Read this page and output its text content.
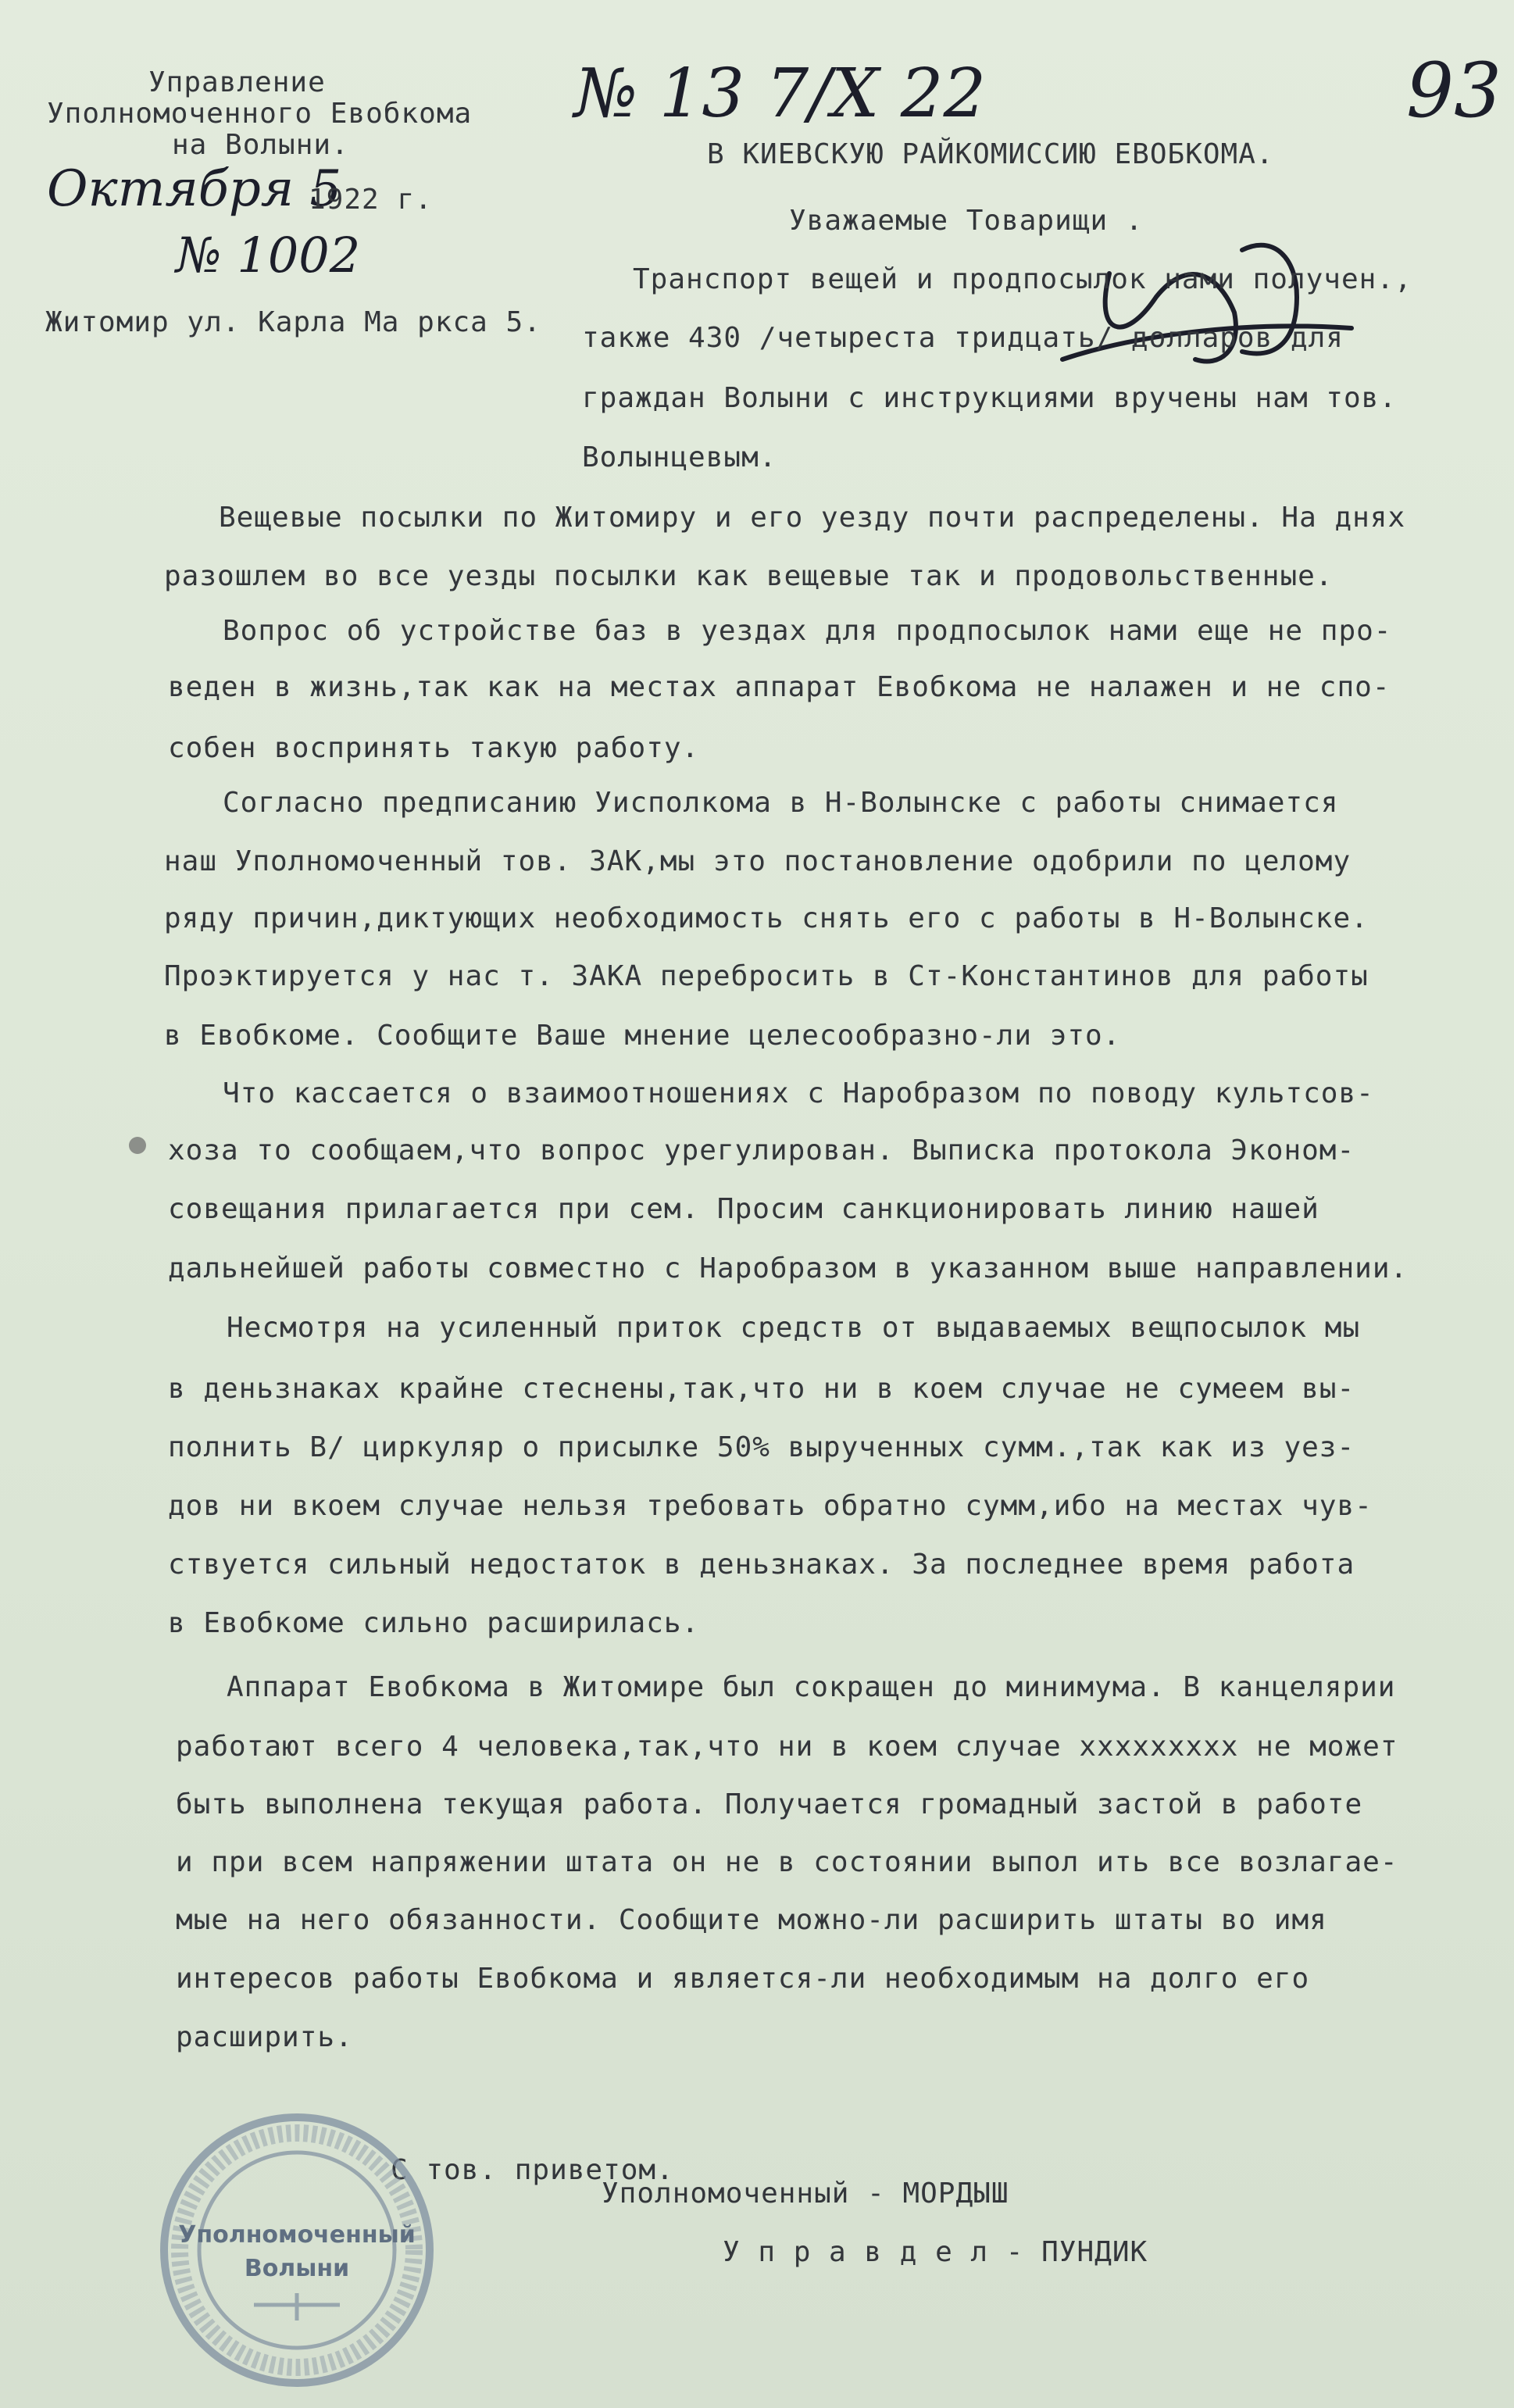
Управление
Уполномоченного Евобкома
на Волыни.
Октября 5
1922 г.
№ 1002
Житомир ул. Карла Ма ркса 5.
№ 13 7/X 22	93
В КИЕВСКУЮ РАЙКОМИССИЮ ЕВОБКОМА.
Уважаемые Товарищи .
Транспорт вещей и продпосылок нами получен.,
также 430 /четыреста тридцать/ долларов для
граждан Волыни с инструкциями вручены нам тов.
Волынцевым.
Вещевые посылки по Житомиру и его уезду почти распределены. На днях
разошлем во все уезды посылки как вещевые так и продовольственные.
Вопрос об устройстве баз в уездах для продпосылок нами еще не про-
веден в жизнь,так как на местах аппарат Евобкома не налажен и не спо-
собен воспринять такую работу.
Согласно предписанию Уисполкома в Н-Волынске с работы снимается
наш Уполномоченный тов. ЗАК,мы это постановление одобрили по целому
ряду причин,диктующих необходимость снять его с работы в Н-Волынске.
Проэктируется у нас т. ЗАКА перебросить в Ст-Константинов для работы
в Евобкоме. Сообщите Ваше мнение целесообразно-ли это.
Что кассается о взаимоотношениях с Наробразом по поводу культсов-
хоза то сообщаем,что вопрос урегулирован. Выписка протокола Эконом-
совещания прилагается при сем. Просим санкционировать линию нашей
дальнейшей работы совместно с Наробразом в указанном выше направлении.
Несмотря на усиленный приток средств от выдаваемых вещпосылок мы
в деньзнаках крайне стеснены,так,что ни в коем случае не сумеем вы-
полнить В/ циркуляр о присылке 50% вырученных сумм.,так как из уез-
дов ни вкоем случае нельзя требовать обратно сумм,ибо на местах чув-
ствуется сильный недостаток в деньзнаках. За последнее время работа
в Евобкоме сильно расширилась.
Аппарат Евобкома в Житомире был сокращен до минимума. В канцелярии
работают всего 4 человека,так,что ни в коем случае xxxxxxxxx не может
быть выполнена текущая работа. Получается громадный застой в работе
и при всем напряжении штата он не в состоянии выпол ить все возлагае-
мые на него обязанности. Сообщите можно-ли расширить штаты во имя
интересов работы Евобкома и является-ли необходимым на долго его
расширить.
С тов. приветом.
Уполномоченный - МОРДЫШ
У п р а в д е л - ПУНДИК
Уполномоченный
Волыни
